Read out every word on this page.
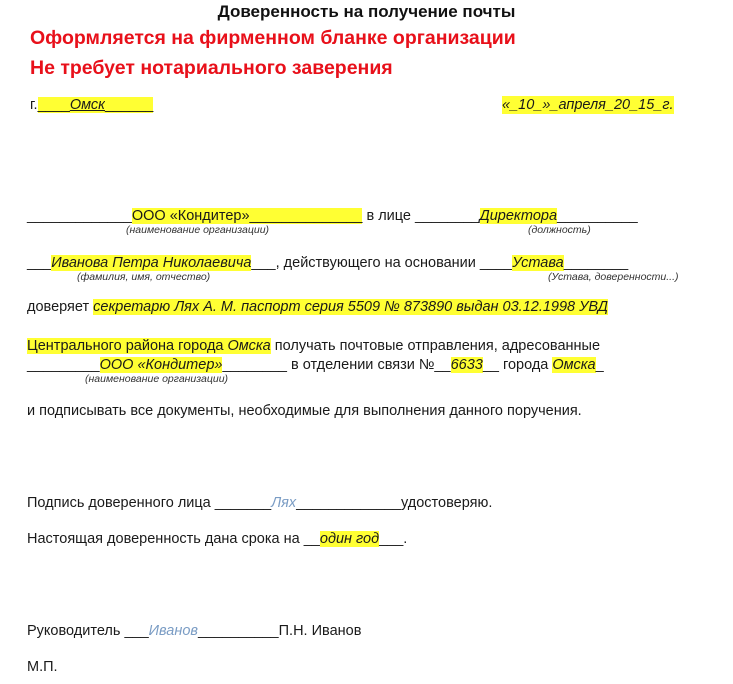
Доверенность на получение почты
Оформляется на фирменном бланке организации
Не требует нотариального заверения
г.____Омск______	«_10_»_апреля_20_15_г.
_____________ООО «Кондитер»______________ в лице ________Директора__________
(наименование организации)	(должность)
___Иванова Петра Николаевича___, действующего на основании ____Устава________
(фамилия, имя, отчество)	(Устава, доверенности...)
доверяет секретарю Лях А. М. паспорт серия 5509 № 873890 выдан 03.12.1998 УВД
Центрального района города Омска получать почтовые отправления, адресованные
_________ООО «Кондитер»________ в отделении связи №__6633__ города Омска_
(наименование организации)
и подписывать все документы, необходимые для выполнения данного поручения.
Подпись доверенного лица _______Лях_____________удостоверяю.
Настоящая доверенность дана срока на __один год___.
Руководитель ___Иванов__________П.Н. Иванов
М.П.
